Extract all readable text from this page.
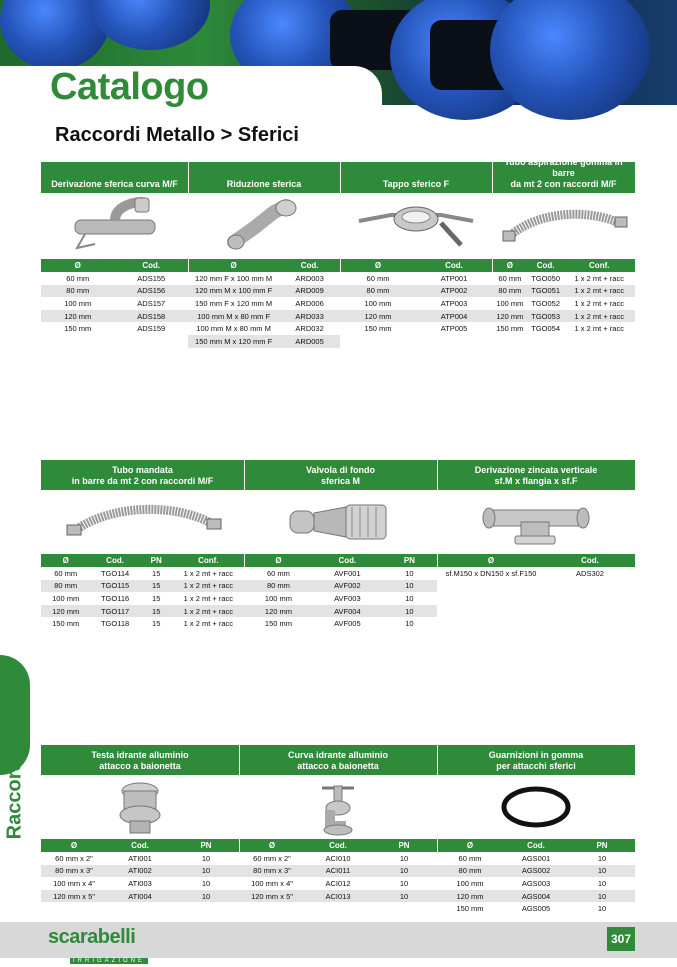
Catalogo
Raccordi Metallo > Sferici
Derivazione sferica curva M/F
Ø	Cod.
60 mm	ADS155
80 mm	ADS156
100 mm	ADS157
120 mm	ADS158
150 mm	ADS159
Riduzione sferica
Ø	Cod.
120 mm F x 100 mm M	ARD003
120 mm M x 100 mm F	ARD009
150 mm F x 120 mm M	ARD006
100 mm M x 80 mm F	ARD033
100 mm M x 80 mm M	ARD032
150 mm M x 120 mm F	ARD005
Tappo sferico F
Ø	Cod.
60 mm	ATP001
80 mm	ATP002
100 mm	ATP003
120 mm	ATP004
150 mm	ATP005
Tubo aspirazione gomma in barre
da mt 2 con raccordi M/F
Ø	Cod.	Conf.
60 mm	TGO050	1 x 2 mt + racc
80 mm	TGO051	1 x 2 mt + racc
100 mm	TGO052	1 x 2 mt + racc
120 mm	TGO053	1 x 2 mt + racc
150 mm	TGO054	1 x 2 mt + racc
Tubo mandata
in barre da mt 2 con raccordi M/F
Ø	Cod.	PN	Conf.
60 mm	TGO114	15	1 x 2 mt + racc
80 mm	TGO115	15	1 x 2 mt + racc
100 mm	TGO116	15	1 x 2 mt + racc
120 mm	TGO117	15	1 x 2 mt + racc
150 mm	TGO118	15	1 x 2 mt + racc
Valvola di fondo
sferica M
Ø	Cod.	PN
60 mm	AVF001	10
80 mm	AVF002	10
100 mm	AVF003	10
120 mm	AVF004	10
150 mm	AVF005	10
Derivazione zincata verticale
sf.M x flangia x sf.F
Ø	Cod.
sf.M150 x DN150 x sf.F150	ADS302
Raccorderia	Testa idrante alluminio
attacco a baionetta
Ø	Cod.	PN
60 mm x 2"	ATI001	10
80 mm x 3"	ATI002	10
100 mm x 4"	ATI003	10
120 mm x 5"	ATI004	10
Curva idrante alluminio
attacco a baionetta
Ø	Cod.	PN
60 mm x 2"	ACI010	10
80 mm x 3"	ACI011	10
100 mm x 4"	ACI012	10
120 mm x 5"	ACI013	10
Guarnizioni in gomma
per attacchi sferici
Ø	Cod.	PN
60 mm	AGS001	10
80 mm	AGS002	10
100 mm	AGS003	10
120 mm	AGS004	10
150 mm	AGS005	10
scarabelli
IRRIGAZIONE
307
